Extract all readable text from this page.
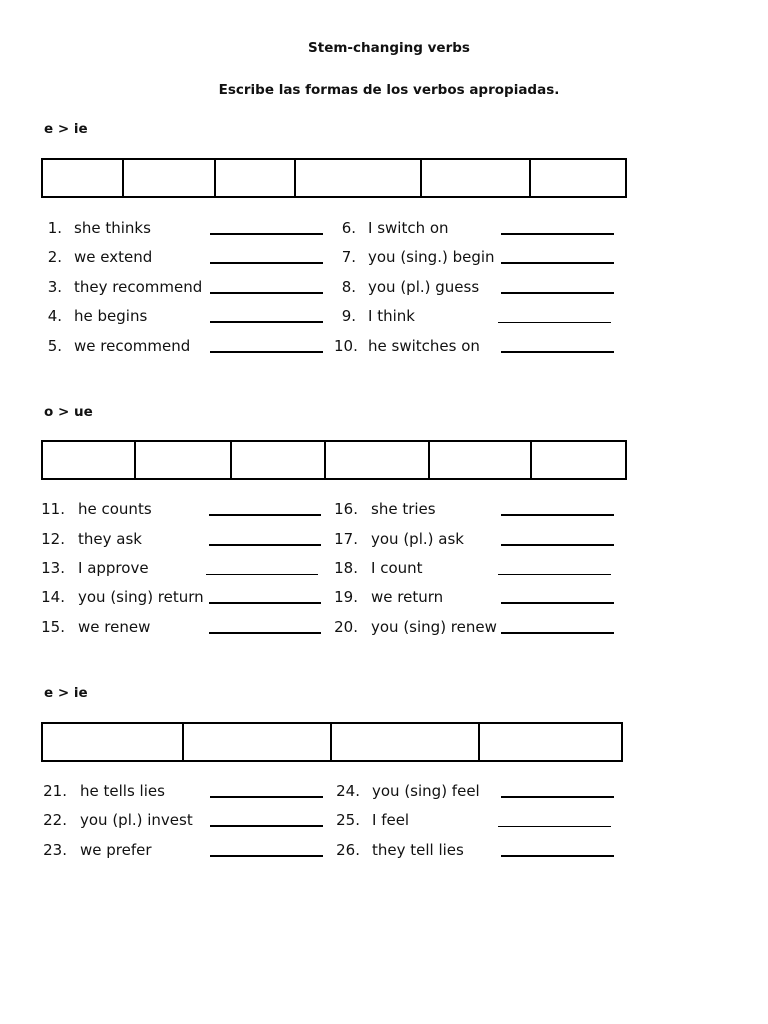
Stem-changing verbs
Escribe las formas de los verbos apropiadas.
e > ie

o > ue

e > ie

1. she thinks
2. we extend
3. they recommend
4. he begins
5. we recommend
6. I switch on
7. you (sing.) begin
8. you (pl.) guess
9. I think
10. he switches on
11. he counts
12. they ask
13. I approve
14. you (sing) return
15. we renew
16. she tries
17. you (pl.) ask
18. I count
19. we return
20. you (sing) renew
21. he tells lies
22. you (pl.) invest
23. we prefer
24. you (sing) feel
25. I feel
26. they tell lies
